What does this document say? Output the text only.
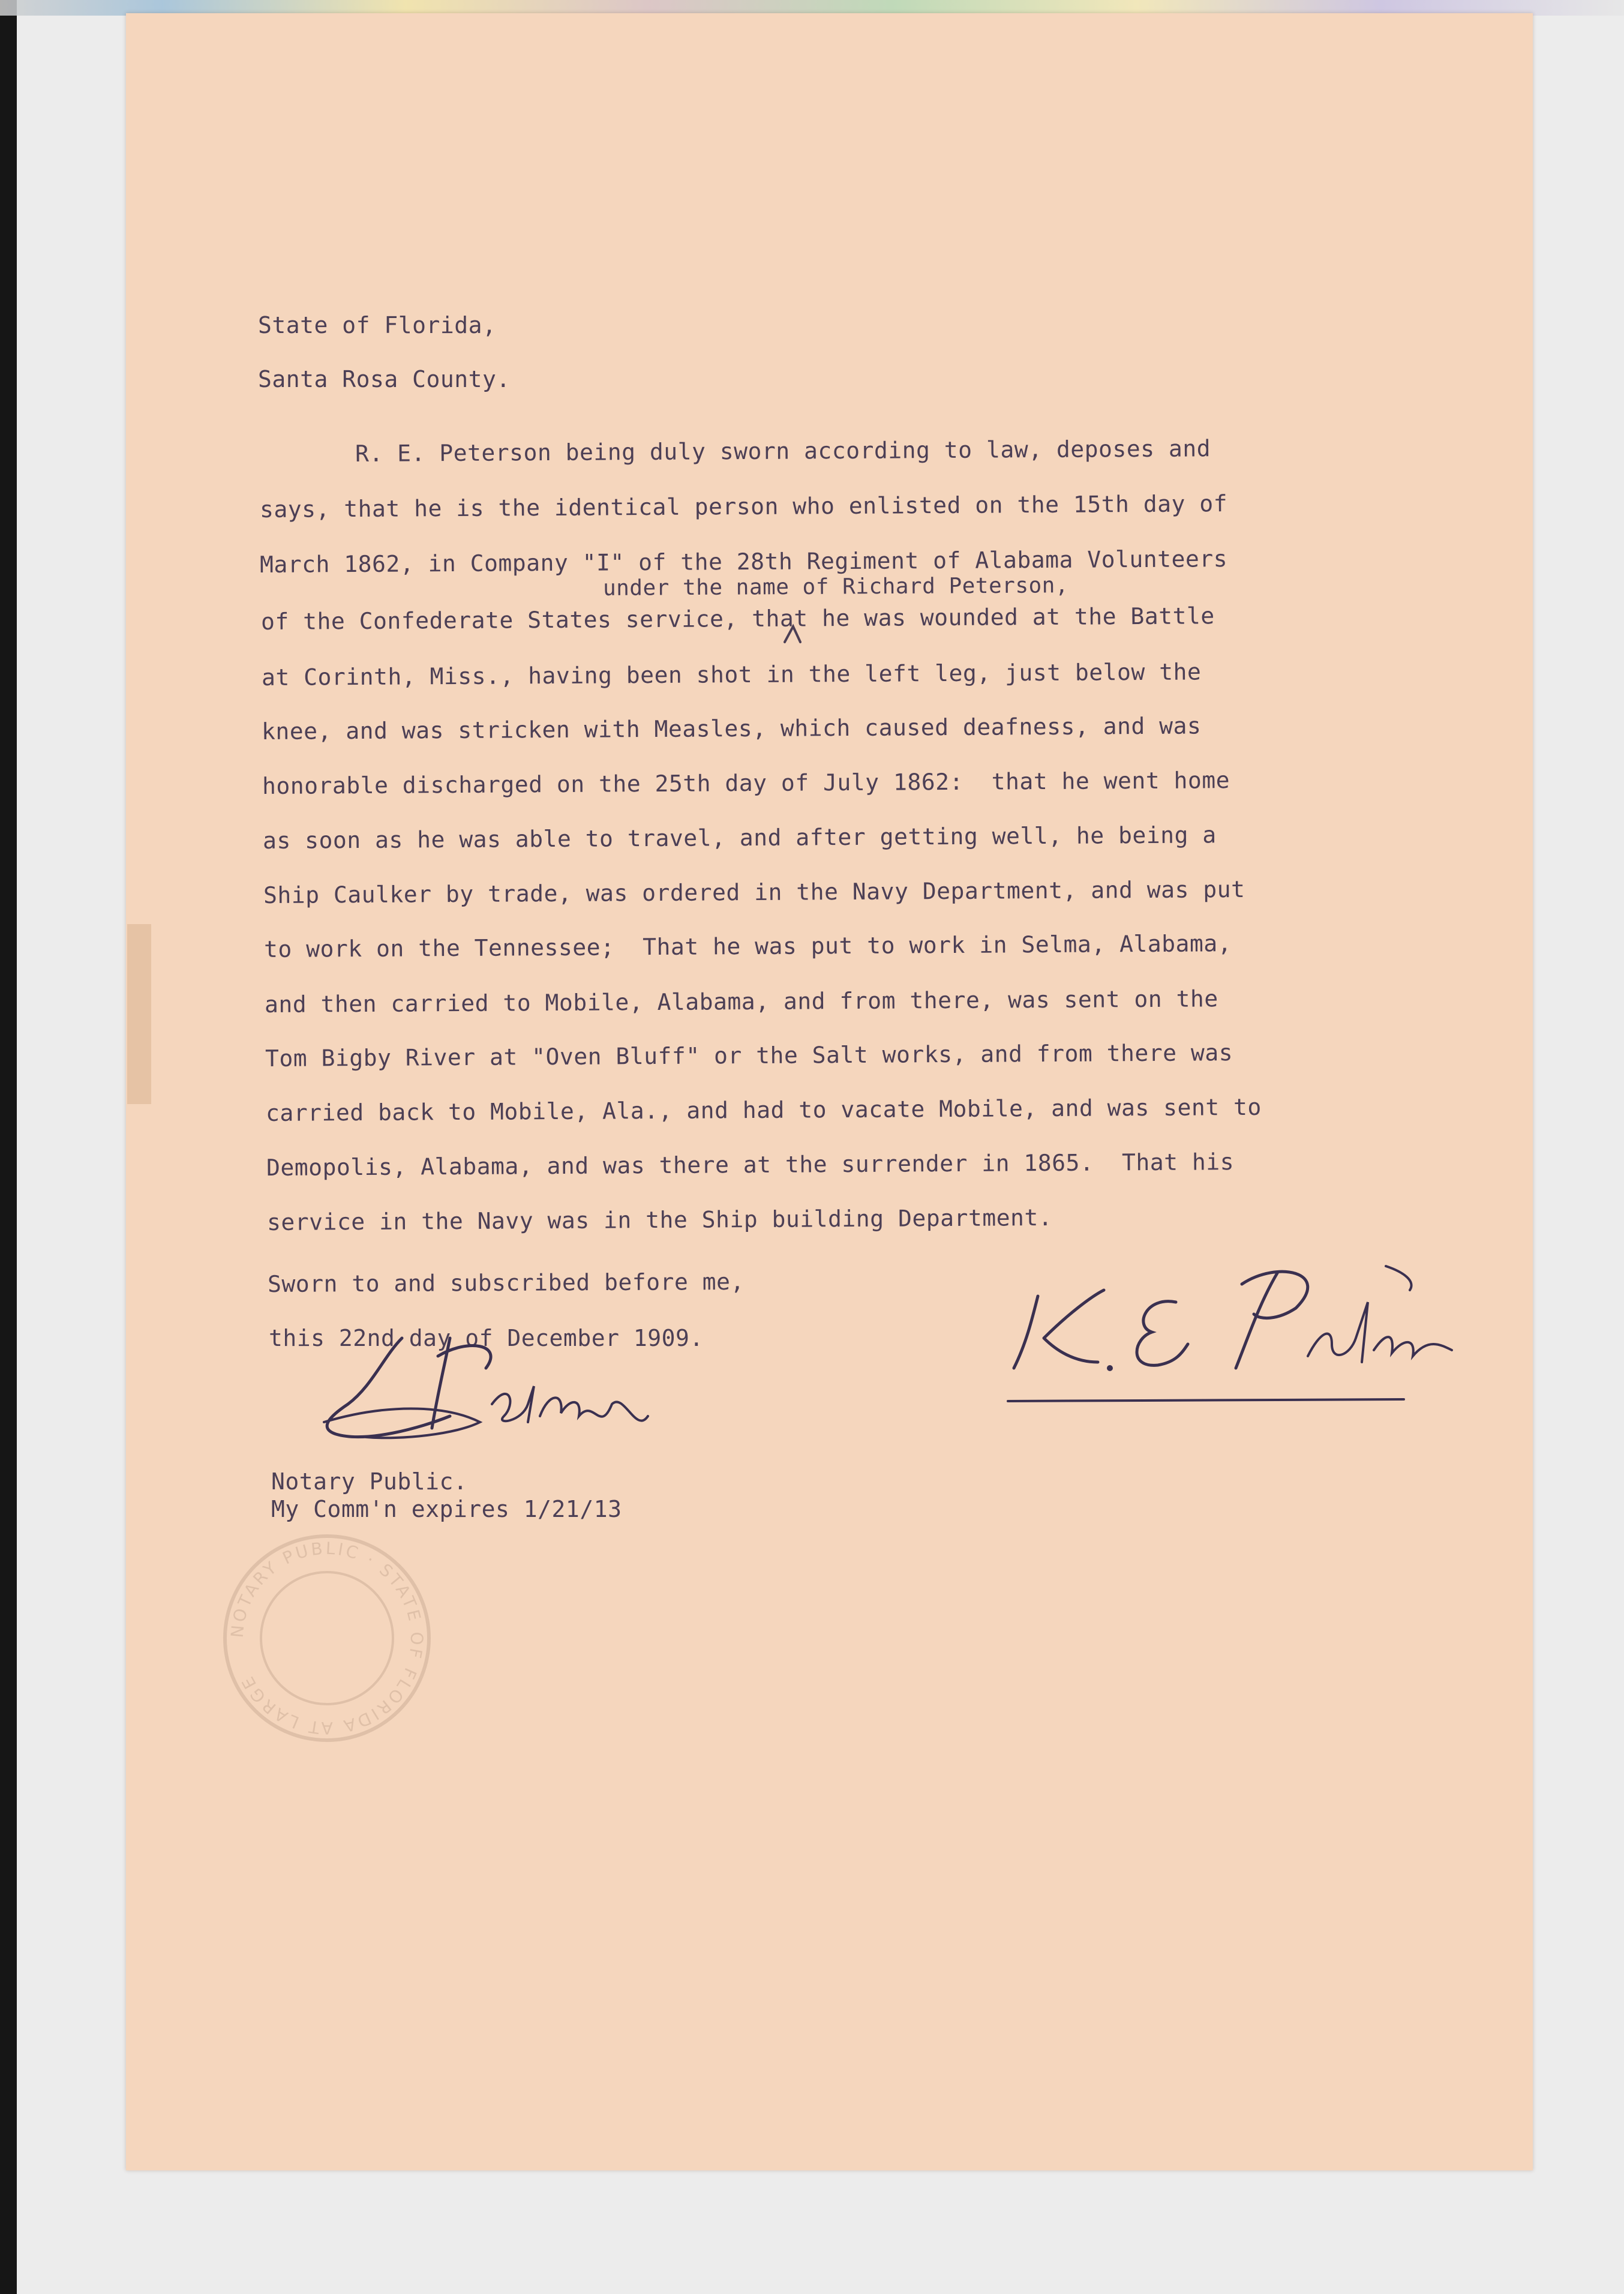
State of Florida,
Santa Rosa County.
R. E. Peterson being duly sworn according to law, deposes and
says, that he is the identical person who enlisted on the 15th day of
March 1862, in Company "I" of the 28th Regiment of Alabama Volunteers
under the name of Richard Peterson,
of the Confederate States service, that he was wounded at the Battle
at Corinth, Miss., having been shot in the left leg, just below the
knee, and was stricken with Measles, which caused deafness, and was
honorable discharged on the 25th day of July 1862:  that he went home
as soon as he was able to travel, and after getting well, he being a
Ship Caulker by trade, was ordered in the Navy Department, and was put
to work on the Tennessee;  That he was put to work in Selma, Alabama,
and then carried to Mobile, Alabama, and from there, was sent on the
Tom Bigby River at "Oven Bluff" or the Salt works, and from there was
carried back to Mobile, Ala., and had to vacate Mobile, and was sent to
Demopolis, Alabama, and was there at the surrender in 1865.  That his
service in the Navy was in the Ship building Department.
Sworn to and subscribed before me,
this 22nd day of December 1909.
Notary Public.
My Comm'n expires 1/21/13
NOTARY PUBLIC · STATE OF FLORIDA AT LARGE
